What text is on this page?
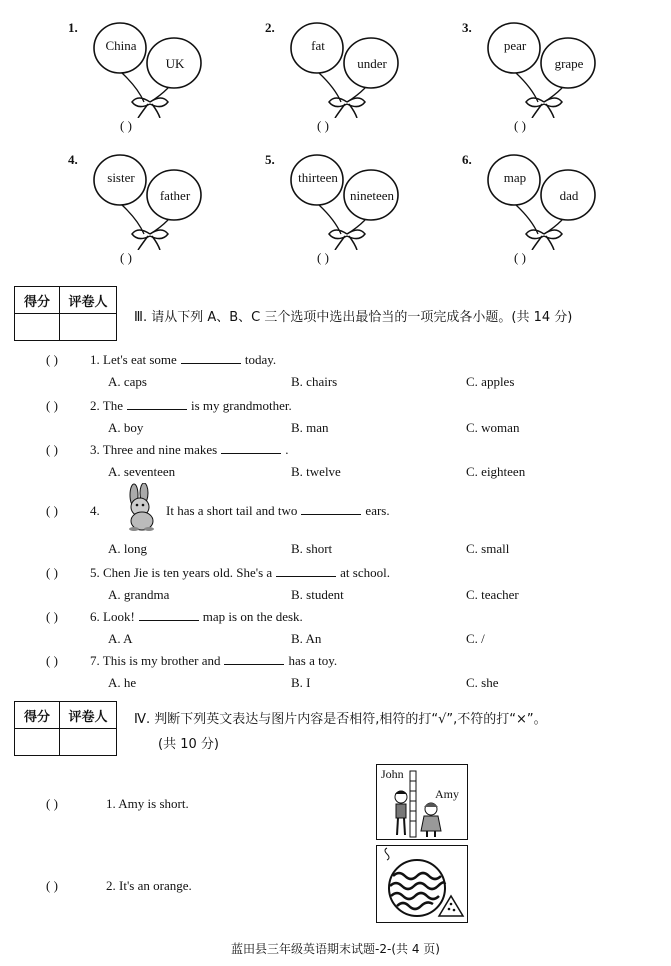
1.
China
UK
( )
2.
fat
under
( )
3.
pear
grape
( )
4.
sister
father
( )
5.
thirteen
nineteen
( )
6.
map
dad
( )
得分	评卷人

Ⅲ. 请从下列 A、B、C 三个选项中选出最恰当的一项完成各小题。(共 14 分)
( ) 1. Let's eat some	today.
A. caps	B. chairs	C. apples
( ) 2. The	is my grandmother.
A. boy	B. man	C. woman
( ) 3. Three and nine makes	.
A. seventeen	B. twelve	C. eighteen
( ) 4.	It has a short tail and two	ears.
A. long	B. short	C. small
( ) 5. Chen Jie is ten years old. She's a	at school.
A. grandma	B. student	C. teacher
( ) 6. Look!	map is on the desk.
A. A	B. An	C. /
( ) 7. This is my brother and	has a toy.
A. he	B. I	C. she
得分	评卷人
	Ⅳ. 判断下列英文表达与图片内容是否相符,相符的打“√”,不符的打“×”。
(共 10 分)
( )	1. Amy is short.
John
Amy
( )	2. It's an orange.
蓝田县三年级英语期末试题-2-(共 4 页)
